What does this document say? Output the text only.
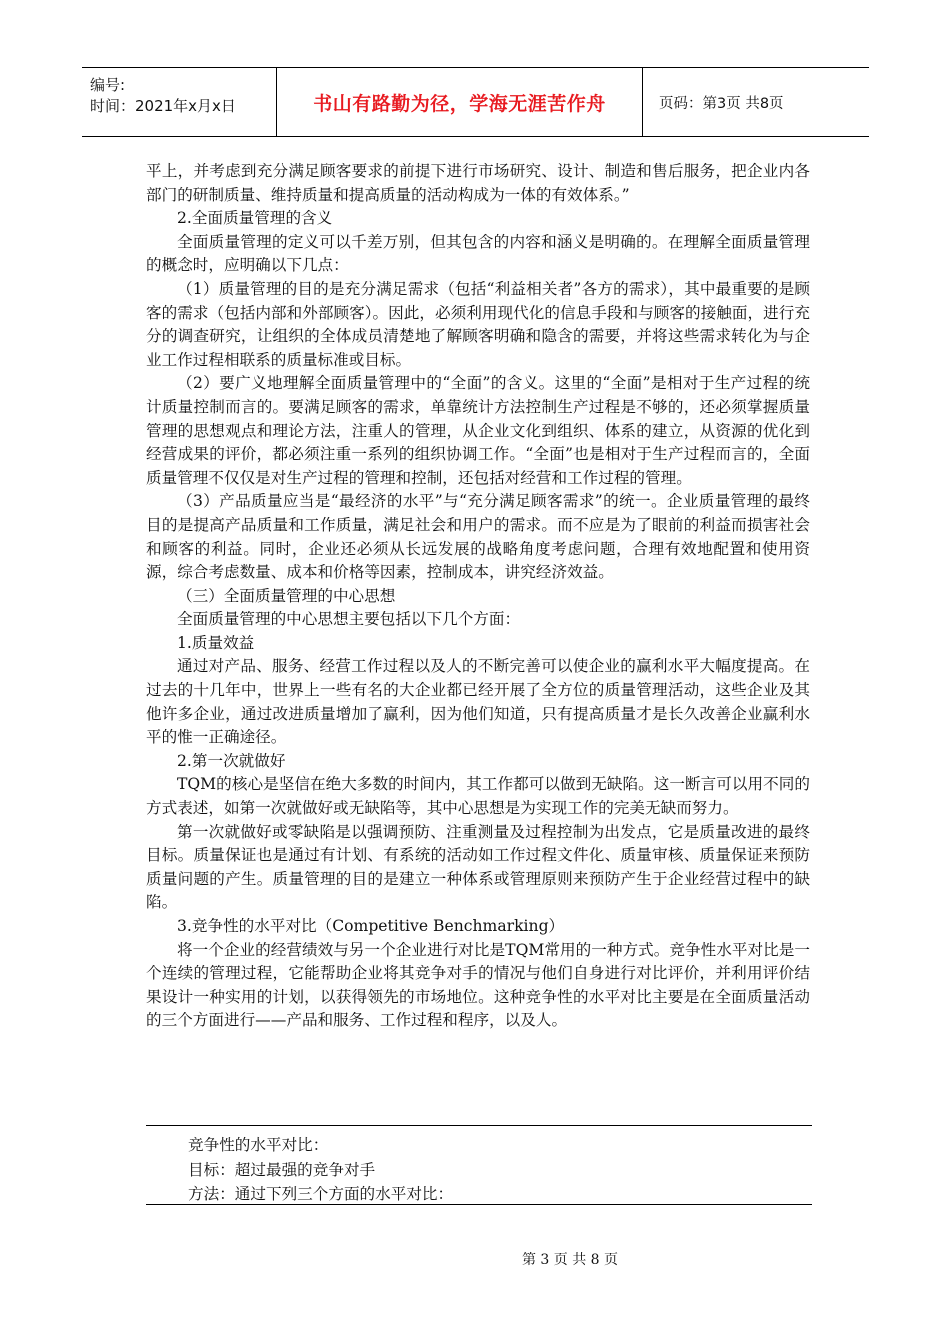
编号:
时间：2021年x月x日	书山有路勤为径，学海无涯苦作舟	页码：第3页 共8页

平上，并考虑到充分满足顾客要求的前提下进行市场研究、设计、制造和售后服务，把企业内各部门的研制质量、维持质量和提高质量的活动构成为一体的有效体系。”

2.全面质量管理的含义

全面质量管理的定义可以千差万别，但其包含的内容和涵义是明确的。在理解全面质量管理的概念时，应明确以下几点：

（1）质量管理的目的是充分满足需求（包括“利益相关者”各方的需求），其中最重要的是顾客的需求（包括内部和外部顾客）。因此，必须利用现代化的信息手段和与顾客的接触面，进行充分的调查研究，让组织的全体成员清楚地了解顾客明确和隐含的需要，并将这些需求转化为与企业工作过程相联系的质量标准或目标。

（2）要广义地理解全面质量管理中的“全面”的含义。这里的“全面”是相对于生产过程的统计质量控制而言的。要满足顾客的需求，单靠统计方法控制生产过程是不够的，还必须掌握质量管理的思想观点和理论方法，注重人的管理，从企业文化到组织、体系的建立，从资源的优化到经营成果的评价，都必须注重一系列的组织协调工作。“全面”也是相对于生产过程而言的，全面质量管理不仅仅是对生产过程的管理和控制，还包括对经营和工作过程的管理。

（3）产品质量应当是“最经济的水平”与“充分满足顾客需求”的统一。企业质量管理的最终目的是提高产品质量和工作质量，满足社会和用户的需求。而不应是为了眼前的利益而损害社会和顾客的利益。同时，企业还必须从长远发展的战略角度考虑问题，合理有效地配置和使用资源，综合考虑数量、成本和价格等因素，控制成本，讲究经济效益。

（三）全面质量管理的中心思想

全面质量管理的中心思想主要包括以下几个方面：

1.质量效益

通过对产品、服务、经营工作过程以及人的不断完善可以使企业的赢利水平大幅度提高。在过去的十几年中，世界上一些有名的大企业都已经开展了全方位的质量管理活动，这些企业及其他许多企业，通过改进质量增加了赢利，因为他们知道，只有提高质量才是长久改善企业赢利水平的惟一正确途径。

2.第一次就做好

TQM的核心是坚信在绝大多数的时间内，其工作都可以做到无缺陷。这一断言可以用不同的方式表述，如第一次就做好或无缺陷等，其中心思想是为实现工作的完美无缺而努力。

第一次就做好或零缺陷是以强调预防、注重测量及过程控制为出发点，它是质量改进的最终目标。质量保证也是通过有计划、有系统的活动如工作过程文件化、质量审核、质量保证来预防质量问题的产生。质量管理的目的是建立一种体系或管理原则来预防产生于企业经营过程中的缺陷。

3.竞争性的水平对比（Competitive Benchmarking）

将一个企业的经营绩效与另一个企业进行对比是TQM常用的一种方式。竞争性水平对比是一个连续的管理过程，它能帮助企业将其竞争对手的情况与他们自身进行对比评价，并利用评价结果设计一种实用的计划，以获得领先的市场地位。这种竞争性的水平对比主要是在全面质量活动的三个方面进行——产品和服务、工作过程和程序，以及人。

竞争性的水平对比：
目标：超过最强的竞争对手
方法：通过下列三个方面的水平对比：
第 3 页 共 8 页
